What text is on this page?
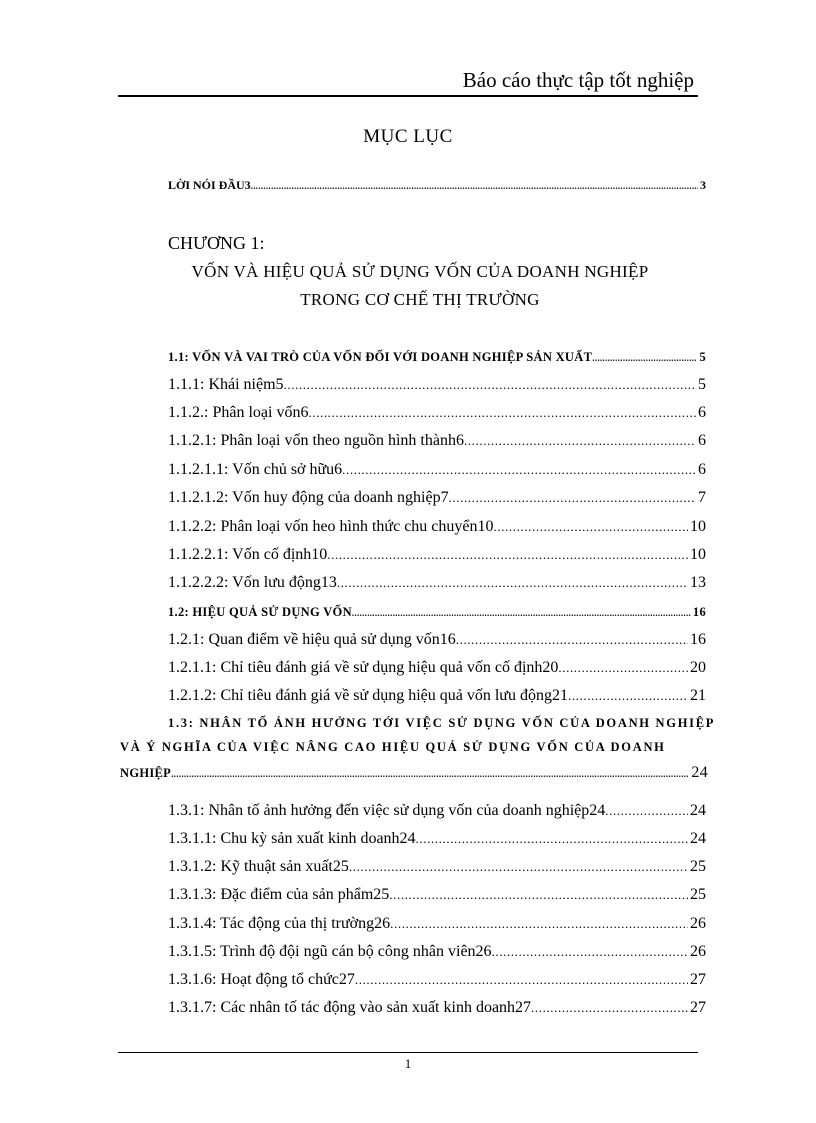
Báo cáo thực tập tốt nghiệp
MỤC LỤC
LỜI NÓI ĐẦU3 .....	3
CHƯƠNG 1:
VỐN VÀ HIỆU QUẢ SỬ DỤNG VỐN CỦA DOANH NGHIỆP
TRONG CƠ CHẾ THỊ TRƯỜNG
1.1: VỐN VÀ VAI TRÒ CỦA VỐN ĐỐI VỚI DOANH NGHIỆP SẢN XUẤT .....	5
1.1.1: Khái niệm5 .....	5
1.1.2.: Phân loại vốn6 .....	6
1.1.2.1: Phân loại vốn theo nguồn hình thành6 .....	6
1.1.2.1.1: Vốn chủ sở hữu6 .....	6
1.1.2.1.2: Vốn huy động của doanh nghiệp7 .....	7
1.1.2.2: Phân loại vốn heo hình thức chu chuyển10 .....	10
1.1.2.2.1: Vốn cố định10 .....	10
1.1.2.2.2: Vốn lưu động13 .....	13
1.2: HIỆU QUẢ SỬ DỤNG VỐN .....	16
1.2.1: Quan điểm về hiệu quả sử dụng vốn16 .....	16
1.2.1.1: Chỉ tiêu đánh giá về sử dụng hiệu quả vốn cố định20 .....	20
1.2.1.2: Chỉ tiêu đánh giá về sử dụng hiệu quả vốn lưu động21 .....	21
1.3: NHÂN TỐ ẢNH HƯỞNG TỚI VIỆC SỬ DỤNG VỐN CỦA DOANH NGHIỆP
VÀ Ý NGHĨA CỦA VIỆC NÂNG CAO HIỆU QUẢ SỬ DỤNG VỐN CỦA DOANH
NGHIỆP .....	24
1.3.1: Nhân tố ảnh hưởng đến việc sử dụng vốn của doanh nghiệp24 .....	24
1.3.1.1: Chu kỳ sản xuất kinh doanh24 .....	24
1.3.1.2: Kỹ thuật sản xuất25 .....	25
1.3.1.3: Đặc điểm của sản phẩm25 .....	25
1.3.1.4: Tác động của thị trường26 .....	26
1.3.1.5: Trình độ đội ngũ cán bộ công nhân viên26 .....	26
1.3.1.6: Hoạt động tổ chức27 .....	27
1.3.1.7: Các nhân tố tác động vào sản xuất kinh doanh27 .....	27
1
